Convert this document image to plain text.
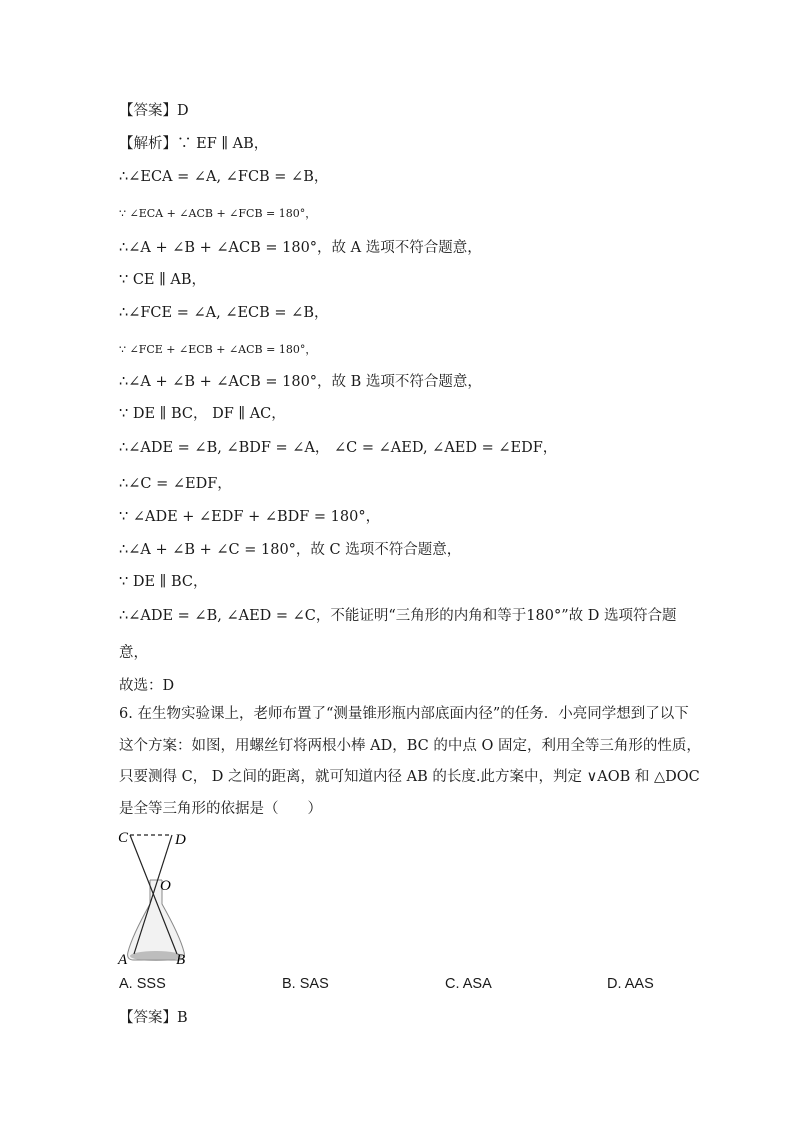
【答案】D
【解析】∵ EF ∥ AB，
∴∠ECA = ∠A, ∠FCB = ∠B，
∵ ∠ECA + ∠ACB + ∠FCB = 180°，
∴∠A + ∠B + ∠ACB = 180°，故 A 选项不符合题意，
∵ CE ∥ AB，
∴∠FCE = ∠A, ∠ECB = ∠B，
∵ ∠FCE + ∠ECB + ∠ACB = 180°，
∴∠A + ∠B + ∠ACB = 180°，故 B 选项不符合题意，
∵ DE ∥ BC， DF ∥ AC，
∴∠ADE = ∠B, ∠BDF = ∠A， ∠C = ∠AED, ∠AED = ∠EDF，
∴∠C = ∠EDF，
∵ ∠ADE + ∠EDF + ∠BDF = 180°，
∴∠A + ∠B + ∠C = 180°，故 C 选项不符合题意，
∵ DE ∥ BC，
∴∠ADE = ∠B, ∠AED = ∠C，不能证明“三角形的内角和等于180°”故 D 选项符合题
意，
故选：D
6. 在生物实验课上，老师布置了“测量锥形瓶内部底面内径”的任务．小亮同学想到了以下
这个方案：如图，用螺丝钉将两根小棒 AD，BC 的中点 O 固定，利用全等三角形的性质，
只要测得 C， D 之间的距离，就可知道内径 AB 的长度.此方案中，判定 ∨AOB 和 △DOC
是全等三角形的依据是（　　）
C	D
O
A	B
A. SSS	B. SAS	C. ASA	D. AAS
【答案】B
